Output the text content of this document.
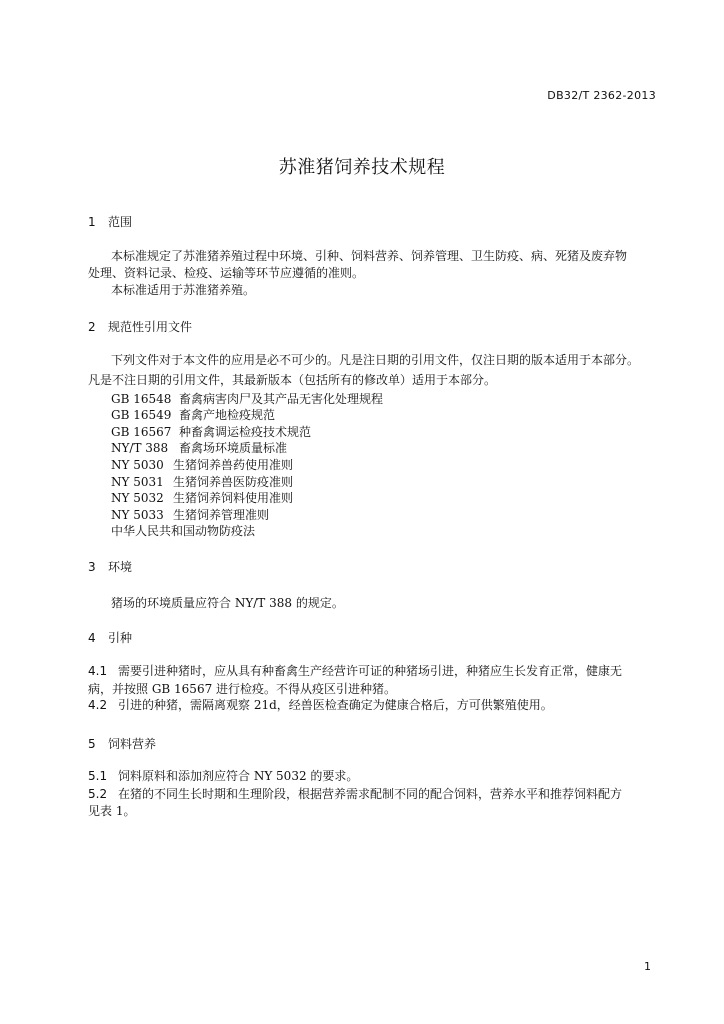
DB32/T 2362-2013
苏淮猪饲养技术规程
1 范围
本标准规定了苏淮猪养殖过程中环境、引种、饲料营养、饲养管理、卫生防疫、病、死猪及废弃物
处理、资料记录、检疫、运输等环节应遵循的准则。
本标准适用于苏淮猪养殖。
2 规范性引用文件
下列文件对于本文件的应用是必不可少的。凡是注日期的引用文件，仅注日期的版本适用于本部分。
凡是不注日期的引用文件，其最新版本（包括所有的修改单）适用于本部分。
GB 16548 畜禽病害肉尸及其产品无害化处理规程
GB 16549 畜禽产地检疫规范
GB 16567 种畜禽调运检疫技术规范
NY/T 388 畜禽场环境质量标准
NY 5030 生猪饲养兽药使用准则
NY 5031 生猪饲养兽医防疫准则
NY 5032 生猪饲养饲料使用准则
NY 5033 生猪饲养管理准则
中华人民共和国动物防疫法
3 环境
猪场的环境质量应符合 NY/T 388 的规定。
4 引种
4.1 需要引进种猪时，应从具有种畜禽生产经营许可证的种猪场引进，种猪应生长发育正常，健康无
病，并按照 GB 16567 进行检疫。不得从疫区引进种猪。
4.2 引进的种猪，需隔离观察 21d，经兽医检查确定为健康合格后，方可供繁殖使用。
5 饲料营养
5.1 饲料原料和添加剂应符合 NY 5032 的要求。
5.2 在猪的不同生长时期和生理阶段，根据营养需求配制不同的配合饲料，营养水平和推荐饲料配方
见表 1。
1
